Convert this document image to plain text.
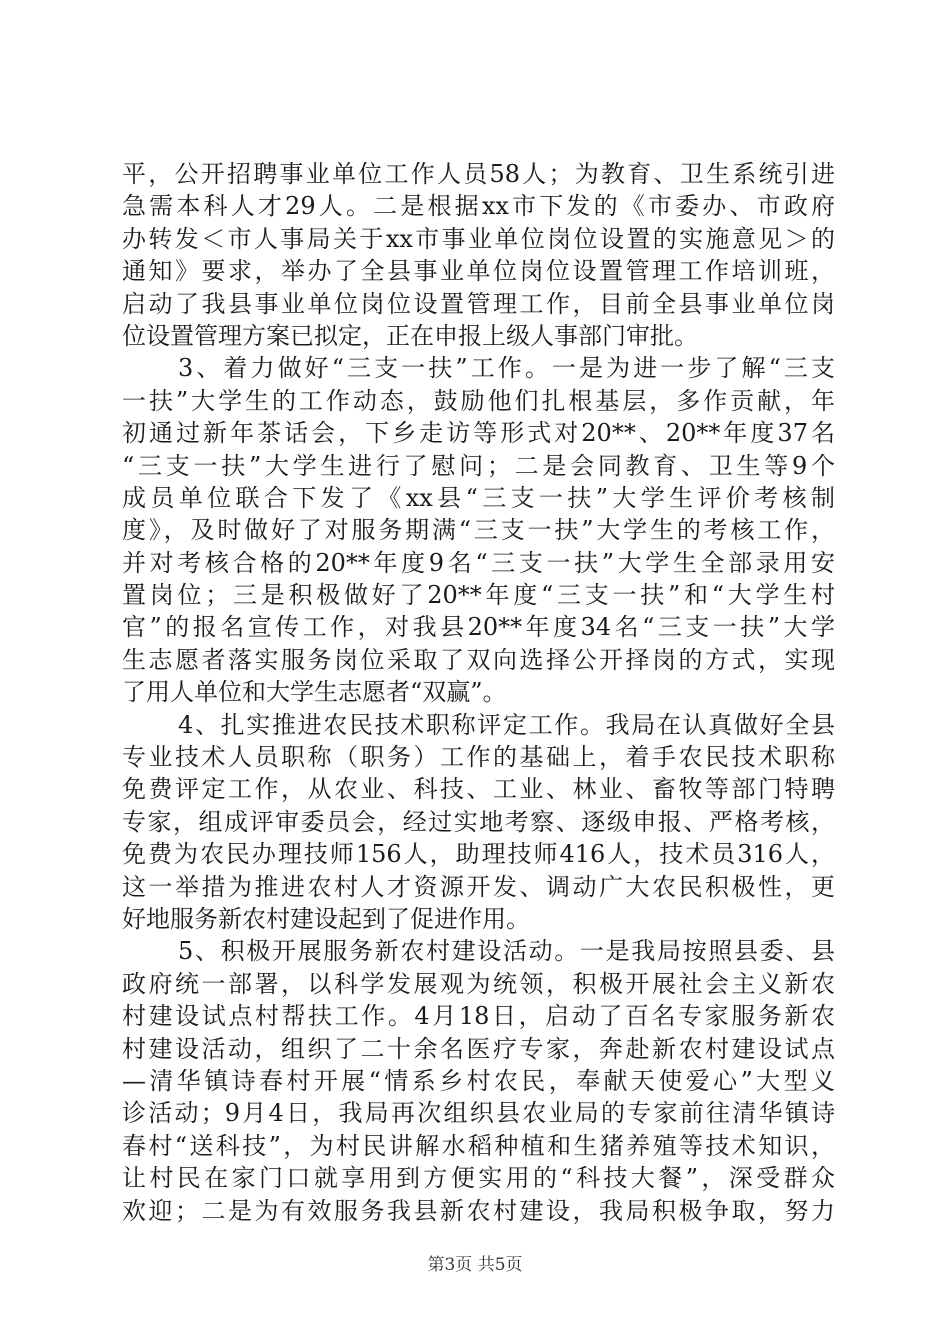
平，公开招聘事业单位工作人员58人；为教育、卫生系统引进
急需本科人才29人。二是根据xx市下发的《市委办、市政府
办转发＜市人事局关于xx市事业单位岗位设置的实施意见＞的
通知》要求，举办了全县事业单位岗位设置管理工作培训班，
启动了我县事业单位岗位设置管理工作，目前全县事业单位岗
位设置管理方案已拟定，正在申报上级人事部门审批。
3、着力做好“三支一扶”工作。一是为进一步了解“三支
一扶”大学生的工作动态，鼓励他们扎根基层，多作贡献，年
初通过新年茶话会，下乡走访等形式对20**、20**年度37名
“三支一扶”大学生进行了慰问；二是会同教育、卫生等9个
成员单位联合下发了《xx县“三支一扶”大学生评价考核制
度》，及时做好了对服务期满“三支一扶”大学生的考核工作，
并对考核合格的20**年度9名“三支一扶”大学生全部录用安
置岗位；三是积极做好了20**年度“三支一扶”和“大学生村
官”的报名宣传工作，对我县20**年度34名“三支一扶”大学
生志愿者落实服务岗位采取了双向选择公开择岗的方式，实现
了用人单位和大学生志愿者“双赢”。
4、扎实推进农民技术职称评定工作。我局在认真做好全县
专业技术人员职称（职务）工作的基础上，着手农民技术职称
免费评定工作，从农业、科技、工业、林业、畜牧等部门特聘
专家，组成评审委员会，经过实地考察、逐级申报、严格考核，
免费为农民办理技师156人，助理技师416人，技术员316人，
这一举措为推进农村人才资源开发、调动广大农民积极性，更
好地服务新农村建设起到了促进作用。
5、积极开展服务新农村建设活动。一是我局按照县委、县
政府统一部署，以科学发展观为统领，积极开展社会主义新农
村建设试点村帮扶工作。4月18日，启动了百名专家服务新农
村建设活动，组织了二十余名医疗专家，奔赴新农村建设试点
—清华镇诗春村开展“情系乡村农民，奉献天使爱心”大型义
诊活动；9月4日，我局再次组织县农业局的专家前往清华镇诗
春村“送科技”，为村民讲解水稻种植和生猪养殖等技术知识，
让村民在家门口就享用到方便实用的“科技大餐”，深受群众
欢迎；二是为有效服务我县新农村建设，我局积极争取，努力
第3页 共5页
